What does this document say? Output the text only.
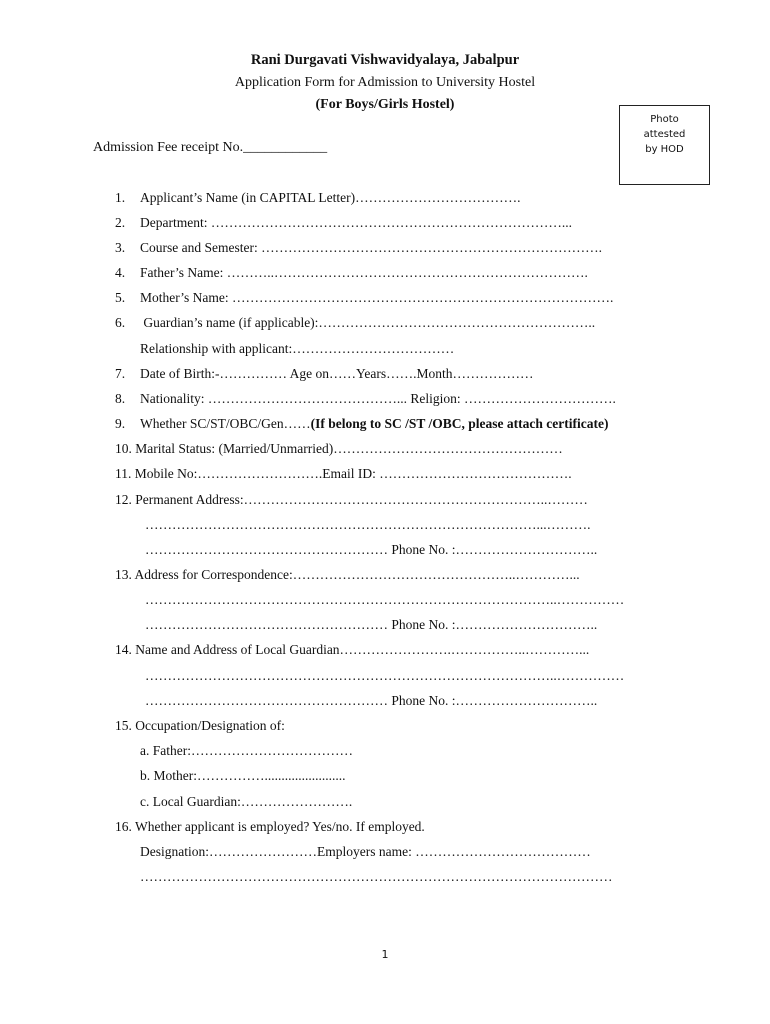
Rani Durgavati Vishwavidyalaya, Jabalpur
Application Form for Admission to University Hostel
(For Boys/Girls Hostel)
Photo
attested
by HOD
Admission Fee receipt No.____________
1. Applicant’s Name (in CAPITAL Letter)……………………………….
2. Department: ……………………………………………………………………...
3. Course and Semester: ………………………………………………………………….
4. Father’s Name: ………..…………………………………………………………….
5. Mother’s Name: ………………………………………………………………………….
6. Guardian’s name (if applicable):……………………………………………………..
Relationship with applicant:………………………………
7. Date of Birth:-…………… Age on……Years…….Month………………
8. Nationality: ……………………………………... Religion: …………………………….
9. Whether SC/ST/OBC/Gen……(If belong to SC /ST /OBC, please attach certificate)
10. Marital Status: (Married/Unmarried)……………………………………………
11. Mobile No:……………………….Email ID: …………………………………….
12. Permanent Address:…………………………………………………………..………
……………………………………………………………………………...……….
……………………………………………… Phone No. :…………………………..
13. Address for Correspondence:…………………………………………..…………...
………………………………………………………………………………..……………
……………………………………………… Phone No. :…………………………..
14. Name and Address of Local Guardian…………………….……………..…………...
………………………………………………………………………………..……………
……………………………………………… Phone No. :…………………………..
15. Occupation/Designation of:
a. Father:………………………………
b. Mother:……………........................
c. Local Guardian:…………………….
16. Whether applicant is employed? Yes/no. If employed.
Designation:……………………Employers name: …………………………………
……………………………………………………………………………………………
1
